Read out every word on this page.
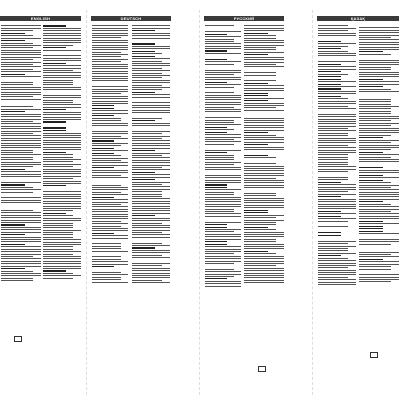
ENGLISH	DEUTSCH	РУССКИЙ	ҚАЗАҚ
